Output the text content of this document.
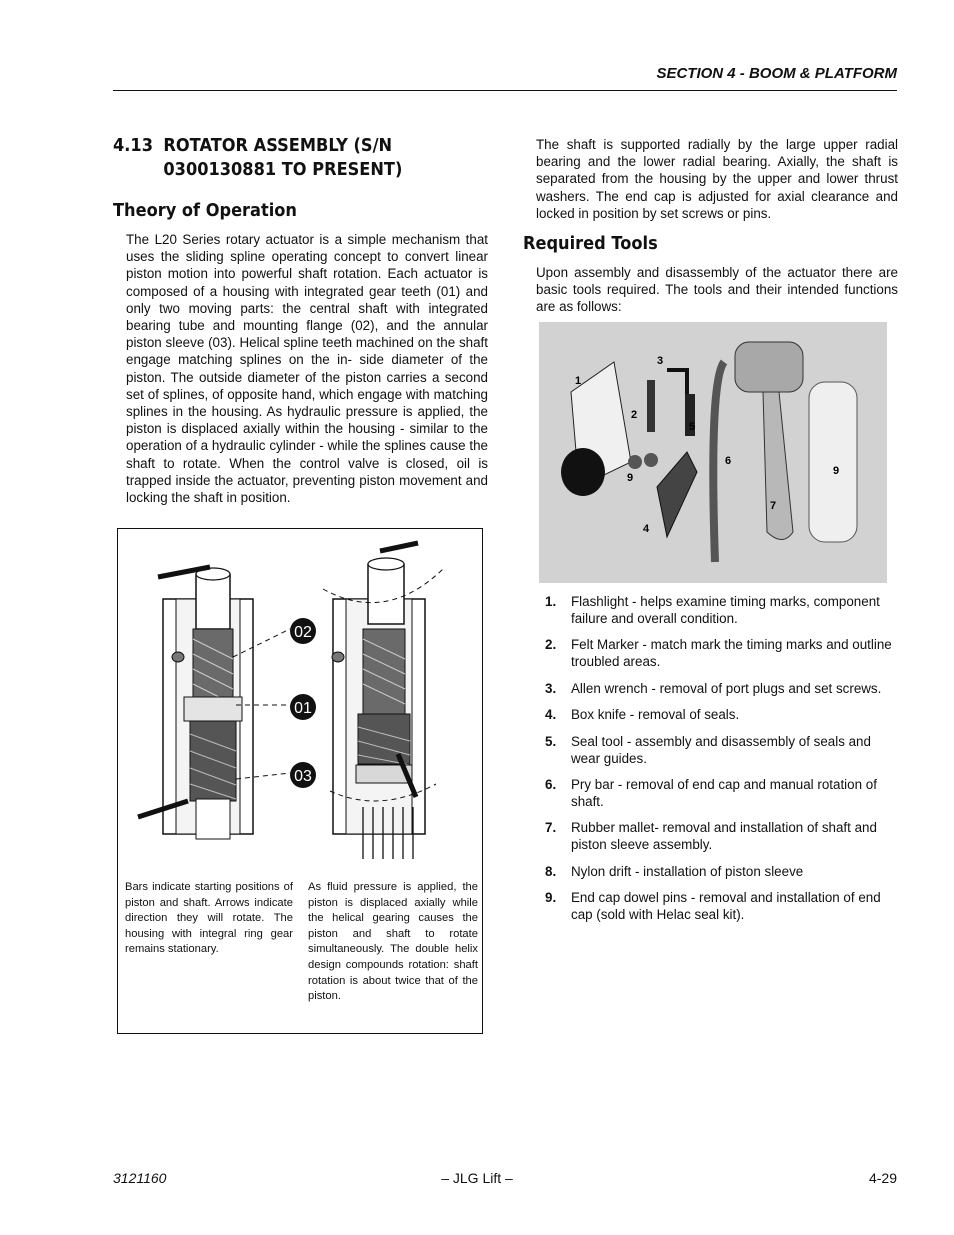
SECTION 4 - BOOM & PLATFORM
4.13 ROTATOR ASSEMBLY (S/N
0300130881 TO PRESENT)
Theory of Operation

The L20 Series rotary actuator is a simple mechanism that uses the sliding spline operating concept to convert linear piston motion into powerful shaft rotation. Each actuator is composed of a housing with integrated gear teeth (01) and only two moving parts: the central shaft with integrated bearing tube and mounting flange (02), and the annular piston sleeve (03). Helical spline teeth machined on the shaft engage matching splines on the in- side diameter of the piston. The outside diameter of the piston carries a second set of splines, of opposite hand, which engage with matching splines in the housing. As hydraulic pressure is applied, the piston is displaced axially within the housing - similar to the operation of a hydraulic cylinder - while the splines cause the shaft to rotate. When the control valve is closed, oil is trapped inside the actuator, preventing piston movement and locking the shaft in position.

02
01
03

Bars indicate starting positions of piston and shaft. Arrows indicate direction they will rotate. The housing with integral ring gear remains stationary.

As fluid pressure is applied, the piston is displaced axially while the helical gearing causes the piston and shaft to rotate simultaneously. The double helix design compounds rotation: shaft rotation is about twice that of the piston.

The shaft is supported radially by the large upper radial bearing and the lower radial bearing. Axially, the shaft is separated from the housing by the upper and lower thrust washers. The end cap is adjusted for axial clearance and locked in position by set screws or pins.

Required Tools

Upon assembly and disassembly of the actuator there are basic tools required. The tools and their intended functions are as follows:

1
2
3
4
5
6
7
9
9
1. Flashlight - helps examine timing marks, component failure and overall condition.
2. Felt Marker - match mark the timing marks and outline troubled areas.
3. Allen wrench - removal of port plugs and set screws.
4. Box knife - removal of seals.
5. Seal tool - assembly and disassembly of seals and wear guides.
6. Pry bar - removal of end cap and manual rotation of shaft.
7. Rubber mallet- removal and installation of shaft and piston sleeve assembly.
8. Nylon drift - installation of piston sleeve
9. End cap dowel pins - removal and installation of end cap (sold with Helac seal kit).
3121160	– JLG Lift –	4-29
